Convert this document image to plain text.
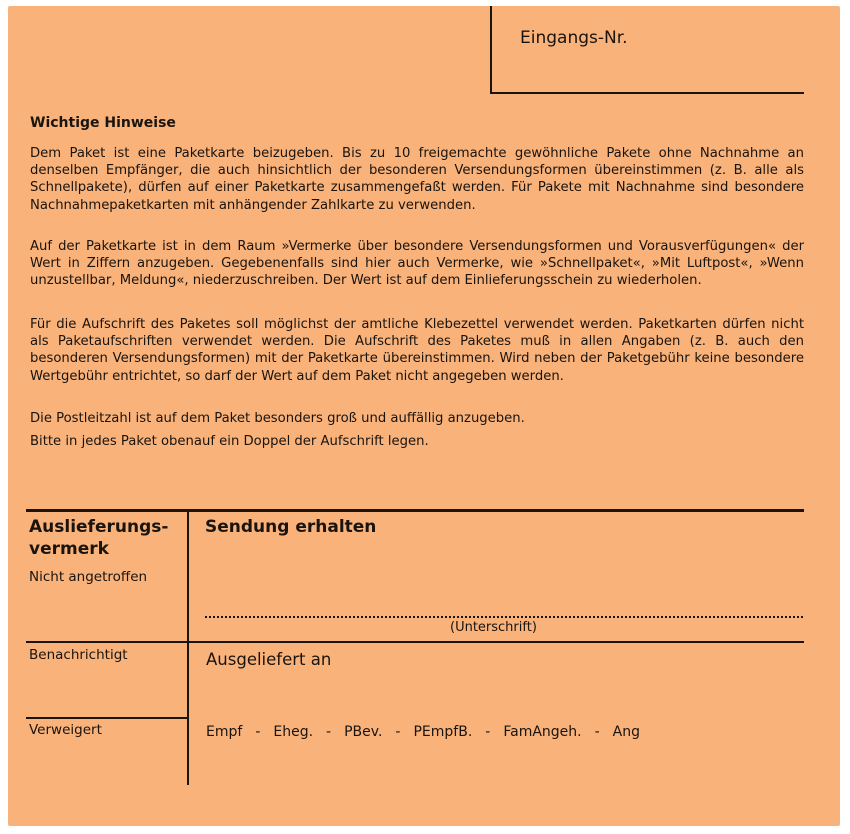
Eingangs-Nr.
Wichtige Hinweise

Dem Paket ist eine Paketkarte beizugeben. Bis zu 10 freigemachte gewöhnliche Pakete ohne Nachnahme an denselben Empfänger, die auch hinsichtlich der besonderen Versendungsformen übereinstimmen (z. B. alle als Schnellpakete), dürfen auf einer Paketkarte zusammengefaßt werden. Für Pakete mit Nachnahme sind besondere Nachnahmepaketkarten mit anhängender Zahlkarte zu verwenden.

Auf der Paketkarte ist in dem Raum »Vermerke über besondere Versendungsformen und Vorausverfügungen« der Wert in Ziffern anzugeben. Gegebenenfalls sind hier auch Vermerke, wie »Schnellpaket«, »Mit Luftpost«, »Wenn unzustellbar, Meldung«, niederzuschreiben. Der Wert ist auf dem Einlieferungsschein zu wiederholen.

Für die Aufschrift des Paketes soll möglichst der amtliche Klebezettel verwendet werden. Paketkarten dürfen nicht als Paketaufschriften verwendet werden. Die Aufschrift des Paketes muß in allen Angaben (z. B. auch den besonderen Versendungsformen) mit der Paketkarte übereinstimmen. Wird neben der Paketgebühr keine besondere Wertgebühr entrichtet, so darf der Wert auf dem Paket nicht angegeben werden.

Die Postleitzahl ist auf dem Paket besonders groß und auffällig anzugeben.

Bitte in jedes Paket obenauf ein Doppel der Aufschrift legen.

Auslieferungs-
vermerk
Nicht angetroffen
Benachrichtigt
Verweigert
Sendung erhalten
(Unterschrift)
Ausgeliefert an
Empf - Eheg. - PBev. - PEmpfB. - FamAngeh. - Ang
